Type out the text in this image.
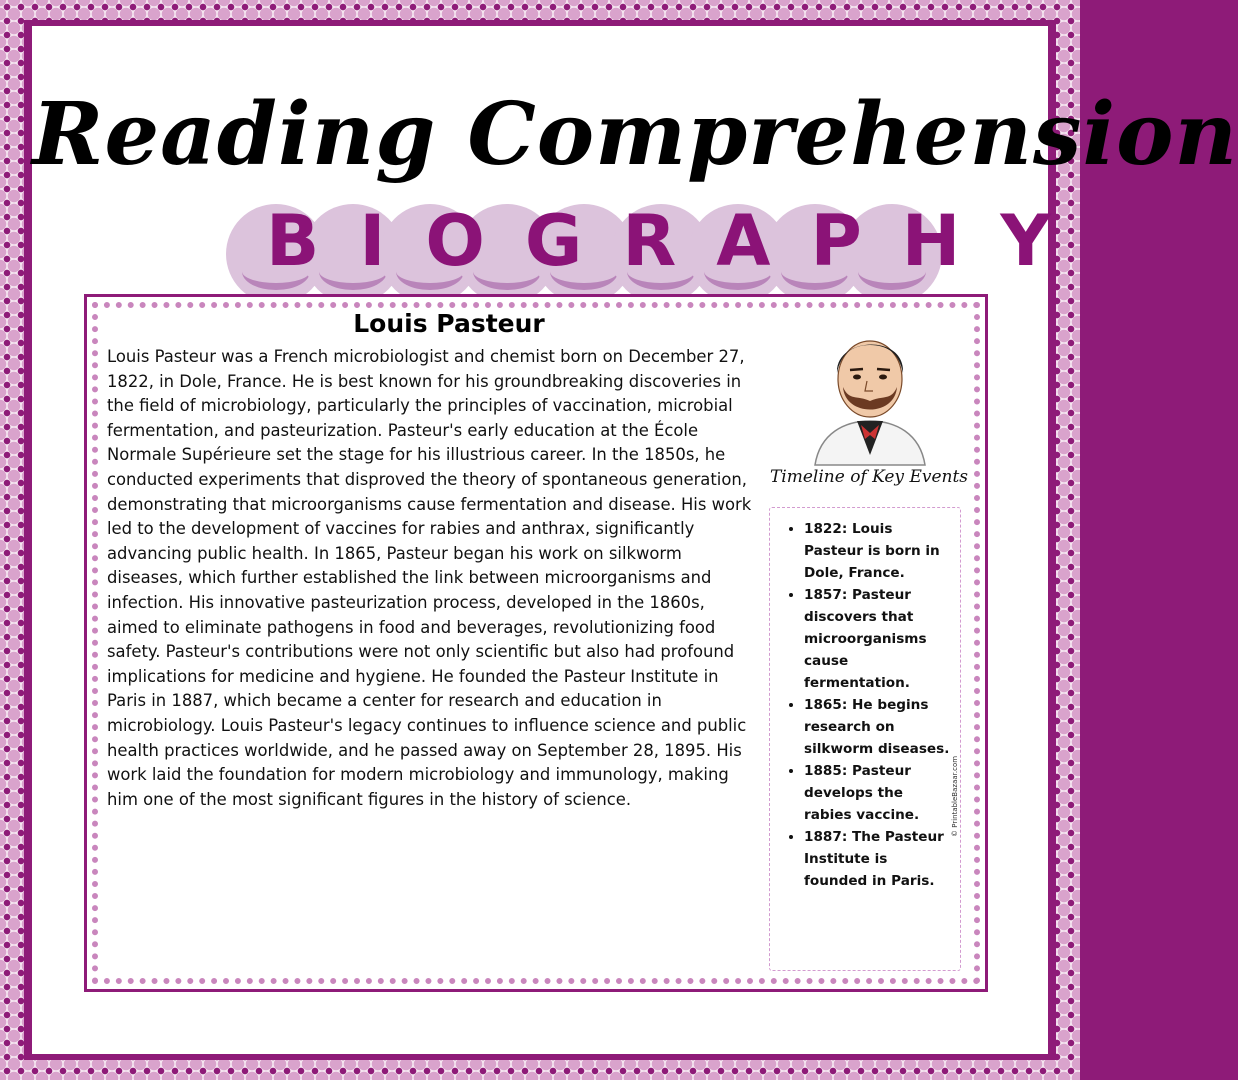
Reading Comprehension
BIOGRAPHY
Louis Pasteur
Louis Pasteur was a French microbiologist and chemist born on December 27, 1822, in Dole, France. He is best known for his groundbreaking discoveries in the field of microbiology, particularly the principles of vaccination, microbial fermentation, and pasteurization. Pasteur's early education at the École Normale Supérieure set the stage for his illustrious career. In the 1850s, he conducted experiments that disproved the theory of spontaneous generation, demonstrating that microorganisms cause fermentation and disease. His work led to the development of vaccines for rabies and anthrax, significantly advancing public health. In 1865, Pasteur began his work on silkworm diseases, which further established the link between microorganisms and infection. His innovative pasteurization process, developed in the 1860s, aimed to eliminate pathogens in food and beverages, revolutionizing food safety. Pasteur's contributions were not only scientific but also had profound implications for medicine and hygiene. He founded the Pasteur Institute in Paris in 1887, which became a center for research and education in microbiology. Louis Pasteur's legacy continues to influence science and public health practices worldwide, and he passed away on September 28, 1895. His work laid the foundation for modern microbiology and immunology, making him one of the most significant figures in the history of science.
Timeline of Key Events
• 1822: Louis Pasteur is born in Dole, France.
• 1857: Pasteur discovers that microorganisms cause fermentation.
• 1865: He begins research on silkworm diseases.
• 1885: Pasteur develops the rabies vaccine.
• 1887: The Pasteur Institute is founded in Paris.
© PrintableBazaar.com
